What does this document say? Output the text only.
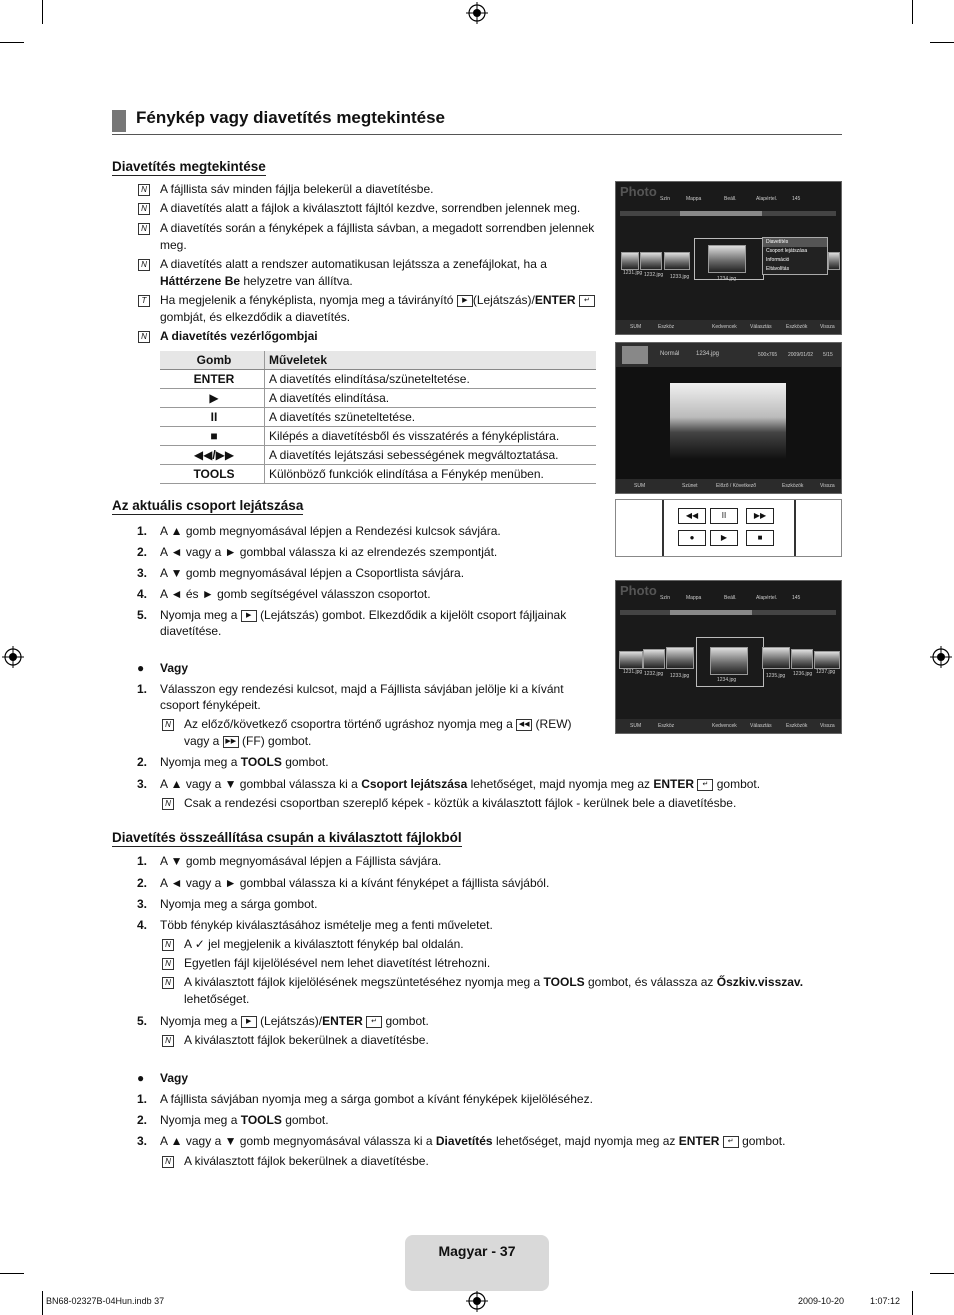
Fénykép vagy diavetítés megtekintése
Diavetítés megtekintése
N A fájllista sáv minden fájlja belekerül a diavetítésbe.
N A diavetítés alatt a fájlok a kiválasztott fájltól kezdve, sorrendben jelennek meg.
N A diavetítés során a fényképek a fájllista sávban, a megadott sorrendben jelennek
meg.
N A diavetítés alatt a rendszer automatikusan lejátssza a zenefájlokat, ha a
Háttérzene Be helyzetre van állítva.
T Ha megjelenik a fényképlista, nyomja meg a távirányító ▶ (Lejátszás)/ENTER ↵
gombját, és elkezdődik a diavetítés.
N A diavetítés vezérlőgombjai
Gomb	Műveletek
ENTER	A diavetítés elindítása/szüneteltetése.
▶	A diavetítés elindítása.
II	A diavetítés szüneteltetése.
■	Kilépés a diavetítésből és visszatérés a fényképlistára.
◀◀/▶▶	A diavetítés lejátszási sebességének megváltoztatása.
TOOLS	Különböző funkciók elindítása a Fénykép menüben.
Az aktuális csoport lejátszása
1. A ▲ gomb megnyomásával lépjen a Rendezési kulcsok sávjára.
2. A ◄ vagy a ► gombbal válassza ki az elrendezés szempontját.
3. A ▼ gomb megnyomásával lépjen a Csoportlista sávjára.
4. A ◄ és ► gomb segítségével válasszon csoportot.
5. Nyomja meg a ▶ (Lejátszás) gombot. Elkezdődik a kijelölt csoport fájljainak
diavetítése.
● Vagy
1. Válasszon egy rendezési kulcsot, majd a Fájllista sávjában jelölje ki a kívánt
csoport fényképeit.
N Az előző/következő csoportra történő ugráshoz nyomja meg a ◀◀ (REW)
vagy a ▶▶ (FF) gombot.
2. Nyomja meg a TOOLS gombot.
3. A ▲ vagy a ▼ gombbal válassza ki a Csoport lejátszása lehetőséget, majd nyomja meg az ENTER ↵ gombot.
N Csak a rendezési csoportban szereplő képek - köztük a kiválasztott fájlok - kerülnek bele a diavetítésbe.
Diavetítés összeállítása csupán a kiválasztott fájlokból
1. A ▼ gomb megnyomásával lépjen a Fájllista sávjára.
2. A ◄ vagy a ► gombbal válassza ki a kívánt fényképet a fájllista sávjából.
3. Nyomja meg a sárga gombot.
4. Több fénykép kiválasztásához ismételje meg a fenti műveletet.
N A ✓ jel megjelenik a kiválasztott fénykép bal oldalán.
N Egyetlen fájl kijelölésével nem lehet diavetítést létrehozni.
N A kiválasztott fájlok kijelölésének megszüntetéséhez nyomja meg a TOOLS gombot, és válassza az Őszkiv.visszav.
lehetőséget.
5. Nyomja meg a ▶ (Lejátszás)/ENTER ↵ gombot.
N A kiválasztott fájlok bekerülnek a diavetítésbe.
● Vagy
1. A fájllista sávjában nyomja meg a sárga gombot a kívánt fényképek kijelöléséhez.
2. Nyomja meg a TOOLS gombot.
3. A ▲ vagy a ▼ gomb megnyomásával válassza ki a Diavetítés lehetőséget, majd nyomja meg az ENTER ↵ gombot.
N A kiválasztott fájlok bekerülnek a diavetítésbe.
Photo Szín	Mappa	Beáll.	Alapértel.	145
1231.jpg 1232.jpg 1233.jpg	1234.jpg
Diavetítés
Csoport lejátszása
Információ
Eltávolítás
SUM	Eszköz	Kedvencek	Választás	Eszközök	Vissza
Normál	1234.jpg	500x765 2009/01/02 5/15
SUM	Szünet	Előző / Következő	Eszközök	Vissza
◀◀	II	▶▶
●	▶	■
Photo Szín	Mappa	Beáll.	Alapértel.	145
1231.jpg 1232.jpg 1233.jpg
1234.jpg
1235.jpg 1236.jpg 1237.jpg
SUM	Eszköz	Kedvencek	Választás	Eszközök	Vissza
Magyar - 37
BN68-02327B-04Hun.indb 37	2009-10-20	1:07:12
